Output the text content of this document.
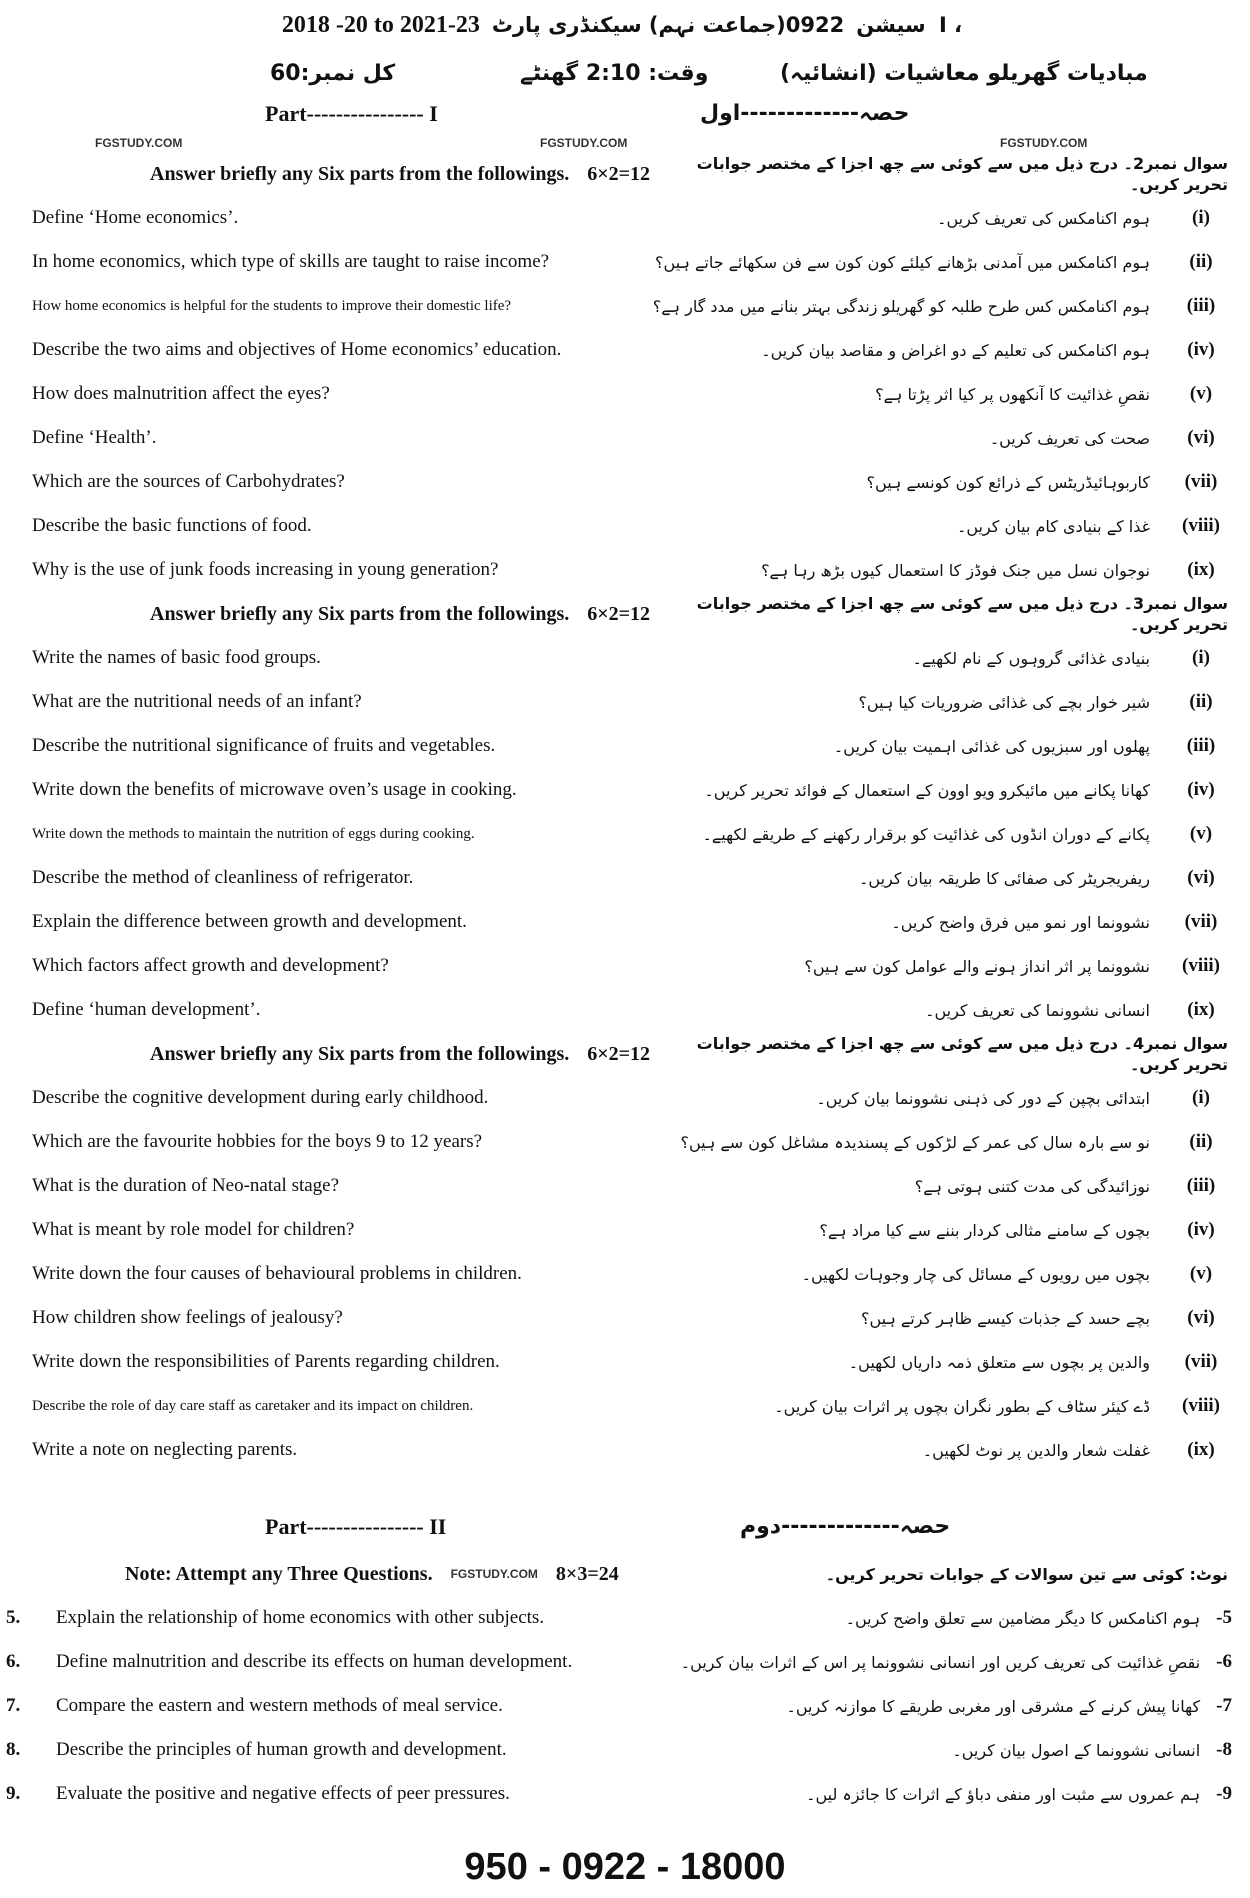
2018 -20 to 2021-23	سیشن 0922(جماعت نہم) سیکنڈری پارٹ I ،
کل نمبر:60	وقت: 2:10 گھنٹے	مبادیات گھریلو معاشیات (انشائیہ)
Part---------------- I	حصہ-------------اول
FGSTUDY.COM	FGSTUDY.COM	FGSTUDY.COM
Answer briefly any Six parts from the followings. 6×2=12	سوال نمبر2۔ درج ذیل میں سے کوئی سے چھ اجزا کے مختصر جوابات تحریر کریں۔
Define ‘Home economics’.	ہوم اکنامکس کی تعریف کریں۔	(i)
In home economics, which type of skills are taught to raise income?	ہوم اکنامکس میں آمدنی بڑھانے کیلئے کون کون سے فن سکھائے جاتے ہیں؟	(ii)
How home economics is helpful for the students to improve their domestic life?	ہوم اکنامکس کس طرح طلبہ کو گھریلو زندگی بہتر بنانے میں مدد گار ہے؟	(iii)
Describe the two aims and objectives of Home economics’ education.	ہوم اکنامکس کی تعلیم کے دو اغراض و مقاصد بیان کریں۔	(iv)
How does malnutrition affect the eyes?	نقصِ غذائیت کا آنکھوں پر کیا اثر پڑتا ہے؟	(v)
Define ‘Health’.	صحت کی تعریف کریں۔	(vi)
Which are the sources of Carbohydrates?	کاربوہائیڈریٹس کے ذرائع کون کونسے ہیں؟	(vii)
Describe the basic functions of food.	غذا کے بنیادی کام بیان کریں۔	(viii)
Why is the use of junk foods increasing in young generation?	نوجوان نسل میں جنک فوڈز کا استعمال کیوں بڑھ رہا ہے؟	(ix)
Answer briefly any Six parts from the followings. 6×2=12	سوال نمبر3۔ درج ذیل میں سے کوئی سے چھ اجزا کے مختصر جوابات تحریر کریں۔
Write the names of basic food groups.	بنیادی غذائی گروہوں کے نام لکھیے۔	(i)
What are the nutritional needs of an infant?	شیر خوار بچے کی غذائی ضروریات کیا ہیں؟	(ii)
Describe the nutritional significance of fruits and vegetables.	پھلوں اور سبزیوں کی غذائی اہمیت بیان کریں۔	(iii)
Write down the benefits of microwave oven’s usage in cooking.	کھانا پکانے میں مائیکرو ویو اوون کے استعمال کے فوائد تحریر کریں۔	(iv)
Write down the methods to maintain the nutrition of eggs during cooking.	پکانے کے دوران انڈوں کی غذائیت کو برقرار رکھنے کے طریقے لکھیے۔	(v)
Describe the method of cleanliness of refrigerator.	ریفریجریٹر کی صفائی کا طریقہ بیان کریں۔	(vi)
Explain the difference between growth and development.	نشوونما اور نمو میں فرق واضح کریں۔	(vii)
Which factors affect growth and development?	نشوونما پر اثر انداز ہونے والے عوامل کون سے ہیں؟	(viii)
Define ‘human development’.	انسانی نشوونما کی تعریف کریں۔	(ix)
Answer briefly any Six parts from the followings. 6×2=12	سوال نمبر4۔ درج ذیل میں سے کوئی سے چھ اجزا کے مختصر جوابات تحریر کریں۔
Describe the cognitive development during early childhood.	ابتدائی بچپن کے دور کی ذہنی نشوونما بیان کریں۔	(i)
Which are the favourite hobbies for the boys 9 to 12 years?	نو سے بارہ سال کی عمر کے لڑکوں کے پسندیدہ مشاغل کون سے ہیں؟	(ii)
What is the duration of Neo-natal stage?	نوزائیدگی کی مدت کتنی ہوتی ہے؟	(iii)
What is meant by role model for children?	بچوں کے سامنے مثالی کردار بننے سے کیا مراد ہے؟	(iv)
Write down the four causes of behavioural problems in children.	بچوں میں رویوں کے مسائل کی چار وجوہات لکھیں۔	(v)
How children show feelings of jealousy?	بچے حسد کے جذبات کیسے ظاہر کرتے ہیں؟	(vi)
Write down the responsibilities of Parents regarding children.	والدین پر بچوں سے متعلق ذمہ داریاں لکھیں۔	(vii)
Describe the role of day care staff as caretaker and its impact on children.	ڈے کیئر سٹاف کے بطور نگران بچوں پر اثرات بیان کریں۔	(viii)
Write a note on neglecting parents.	غفلت شعار والدین پر نوٹ لکھیں۔	(ix)
Part---------------- II	حصہ-------------دوم
Note: Attempt any Three Questions. FGSTUDY.COM 8×3=24	نوٹ: کوئی سے تین سوالات کے جوابات تحریر کریں۔
5.	Explain the relationship of home economics with other subjects.	ہوم اکنامکس کا دیگر مضامین سے تعلق واضح کریں۔ -5
6.	Define malnutrition and describe its effects on human development.	نقصِ غذائیت کی تعریف کریں اور انسانی نشوونما پر اس کے اثرات بیان کریں۔ -6
7.	Compare the eastern and western methods of meal service.	کھانا پیش کرنے کے مشرقی اور مغربی طریقے کا موازنہ کریں۔ -7
8.	Describe the principles of human growth and development.	انسانی نشوونما کے اصول بیان کریں۔ -8
9.	Evaluate the positive and negative effects of peer pressures.	ہم عمروں سے مثبت اور منفی دباؤ کے اثرات کا جائزہ لیں۔ -9
950 - 0922 - 18000
